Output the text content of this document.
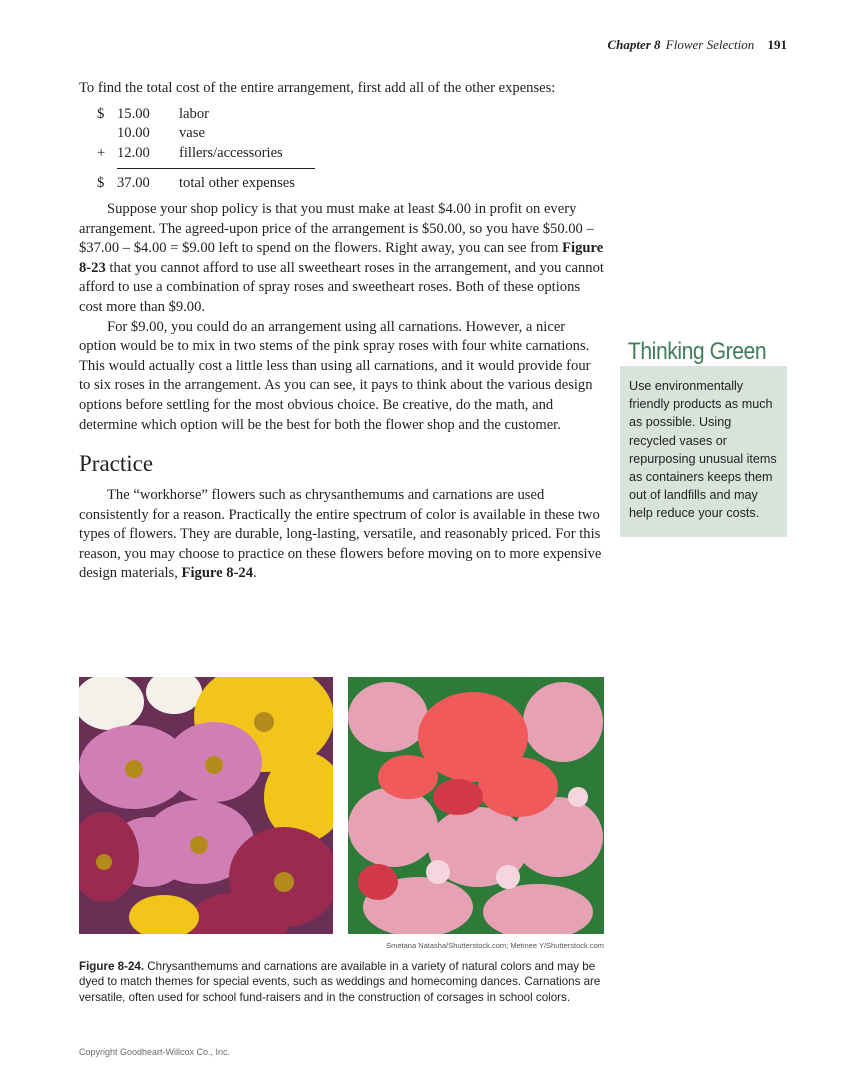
Chapter 8 Flower Selection 191

To find the total cost of the entire arrangement, first add all of the other expenses:

$ 15.00	labor
10.00	vase
+ 12.00	fillers/accessories
$ 37.00	total other expenses

Suppose your shop policy is that you must make at least $4.00 in profit on every arrangement. The agreed-upon price of the arrangement is $50.00, so you have $50.00 – $37.00 – $4.00 = $9.00 left to spend on the flowers. Right away, you can see from Figure 8-23 that you cannot afford to use all sweetheart roses in the arrangement, and you cannot afford to use a combination of spray roses and sweetheart roses. Both of these options cost more than $9.00.

For $9.00, you could do an arrangement using all carnations. However, a nicer option would be to mix in two stems of the pink spray roses with four white carnations. This would actually cost a little less than using all carnations, and it would provide four to six roses in the arrangement. As you can see, it pays to think about the various design options before settling for the most obvious choice. Be creative, do the math, and determine which option will be the best for both the flower shop and the customer.

Practice

The “workhorse” flowers such as chrysanthemums and carnations are used consistently for a reason. Practically the entire spectrum of color is available in these two types of flowers. They are durable, long-lasting, versatile, and reasonably priced. For this reason, you may choose to practice on these flowers before moving on to more expensive design materials, Figure 8-24.

Thinking Green
Use environmentally friendly products as much as possible. Using recycled vases or repurposing unusual items as containers keeps them out of landfills and may help reduce your costs.
Smetana Natasha/Shutterstock.com; Metinee Y/Shutterstock.com
Figure 8-24. Chrysanthemums and carnations are available in a variety of natural colors and may be dyed to match themes for special events, such as weddings and homecoming dances. Carnations are versatile, often used for school fund-raisers and in the construction of corsages in school colors.
Copyright Goodheart-Willcox Co., Inc.
